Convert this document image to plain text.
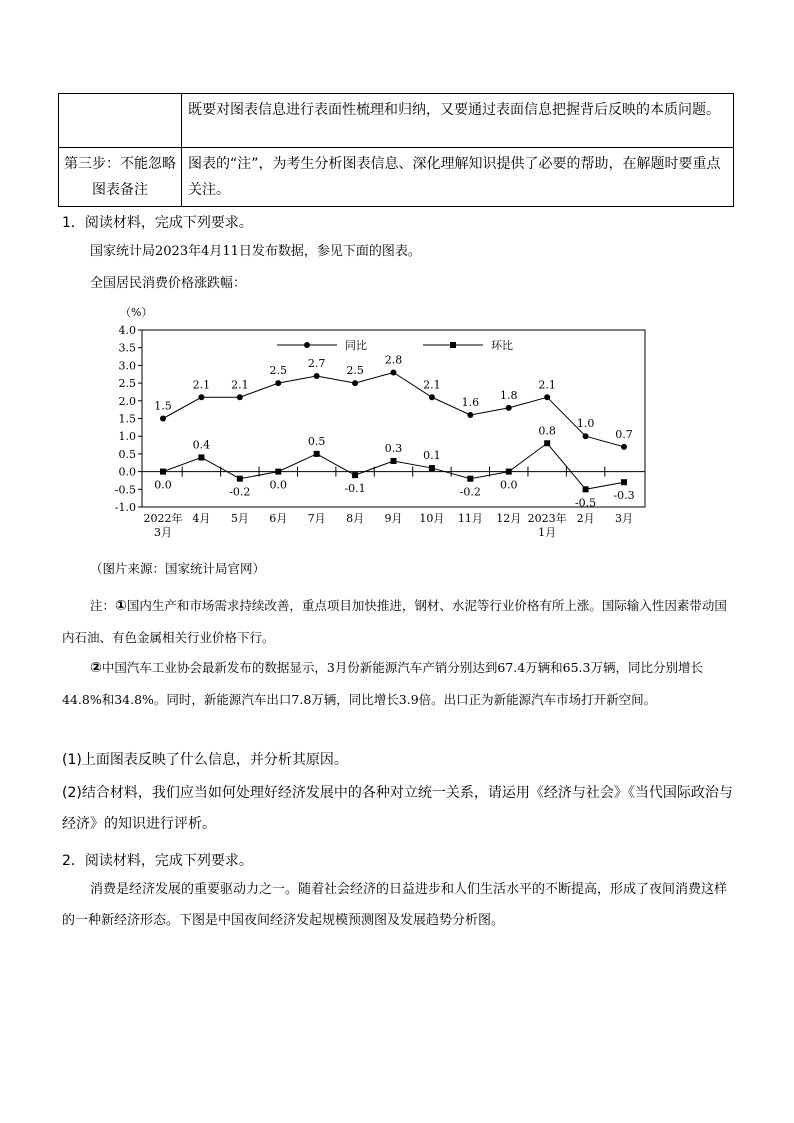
	既要对图表信息进行表面性梳理和归纳，又要通过表面信息把握背后反映的本质问题。

第三步：不能忽略
图表备注	图表的“注”，为考生分析图表信息、深化理解知识提供了必要的帮助，在解题时要重点关注。
1．阅读材料，完成下列要求。
国家统计局2023年4月11日发布数据，参见下面的图表。
全国居民消费价格涨跌幅：
（%）
4.0
3.5
3.0
2.5
2.0
1.5
1.0
0.5
0.0
-0.5
-1.0
2022年 3月
4月 5月 6月 7月 8月 9月 10月 11月 12月 2023年 1月
2月 3月
同比	环比
1.5
2.1 2.1
2.5
2.7
2.5
2.8
2.1
1.6
1.8
2.1
1.0
0.7
0.0
0.4
-0.2
0.0
0.5
-0.1
0.3
0.1
-0.2
0.0
0.8
-0.5
-0.3
（图片来源：国家统计局官网）
注：①国内生产和市场需求持续改善，重点项目加快推进，钢材、水泥等行业价格有所上涨。国际输入性因素带动国内石油、有色金属相关行业价格下行。
②中国汽车工业协会最新发布的数据显示，3月份新能源汽车产销分别达到67.4万辆和65.3万辆，同比分别增长44.8%和34.8%。同时，新能源汽车出口7.8万辆，同比增长3.9倍。出口正为新能源汽车市场打开新空间。
(1)上面图表反映了什么信息，并分析其原因。
(2)结合材料，我们应当如何处理好经济发展中的各种对立统一关系，请运用《经济与社会》《当代国际政治与经济》的知识进行评析。
2．阅读材料，完成下列要求。
消费是经济发展的重要驱动力之一。随着社会经济的日益进步和人们生活水平的不断提高，形成了夜间消费这样的一种新经济形态。下图是中国夜间经济发起规模预测图及发展趋势分析图。
